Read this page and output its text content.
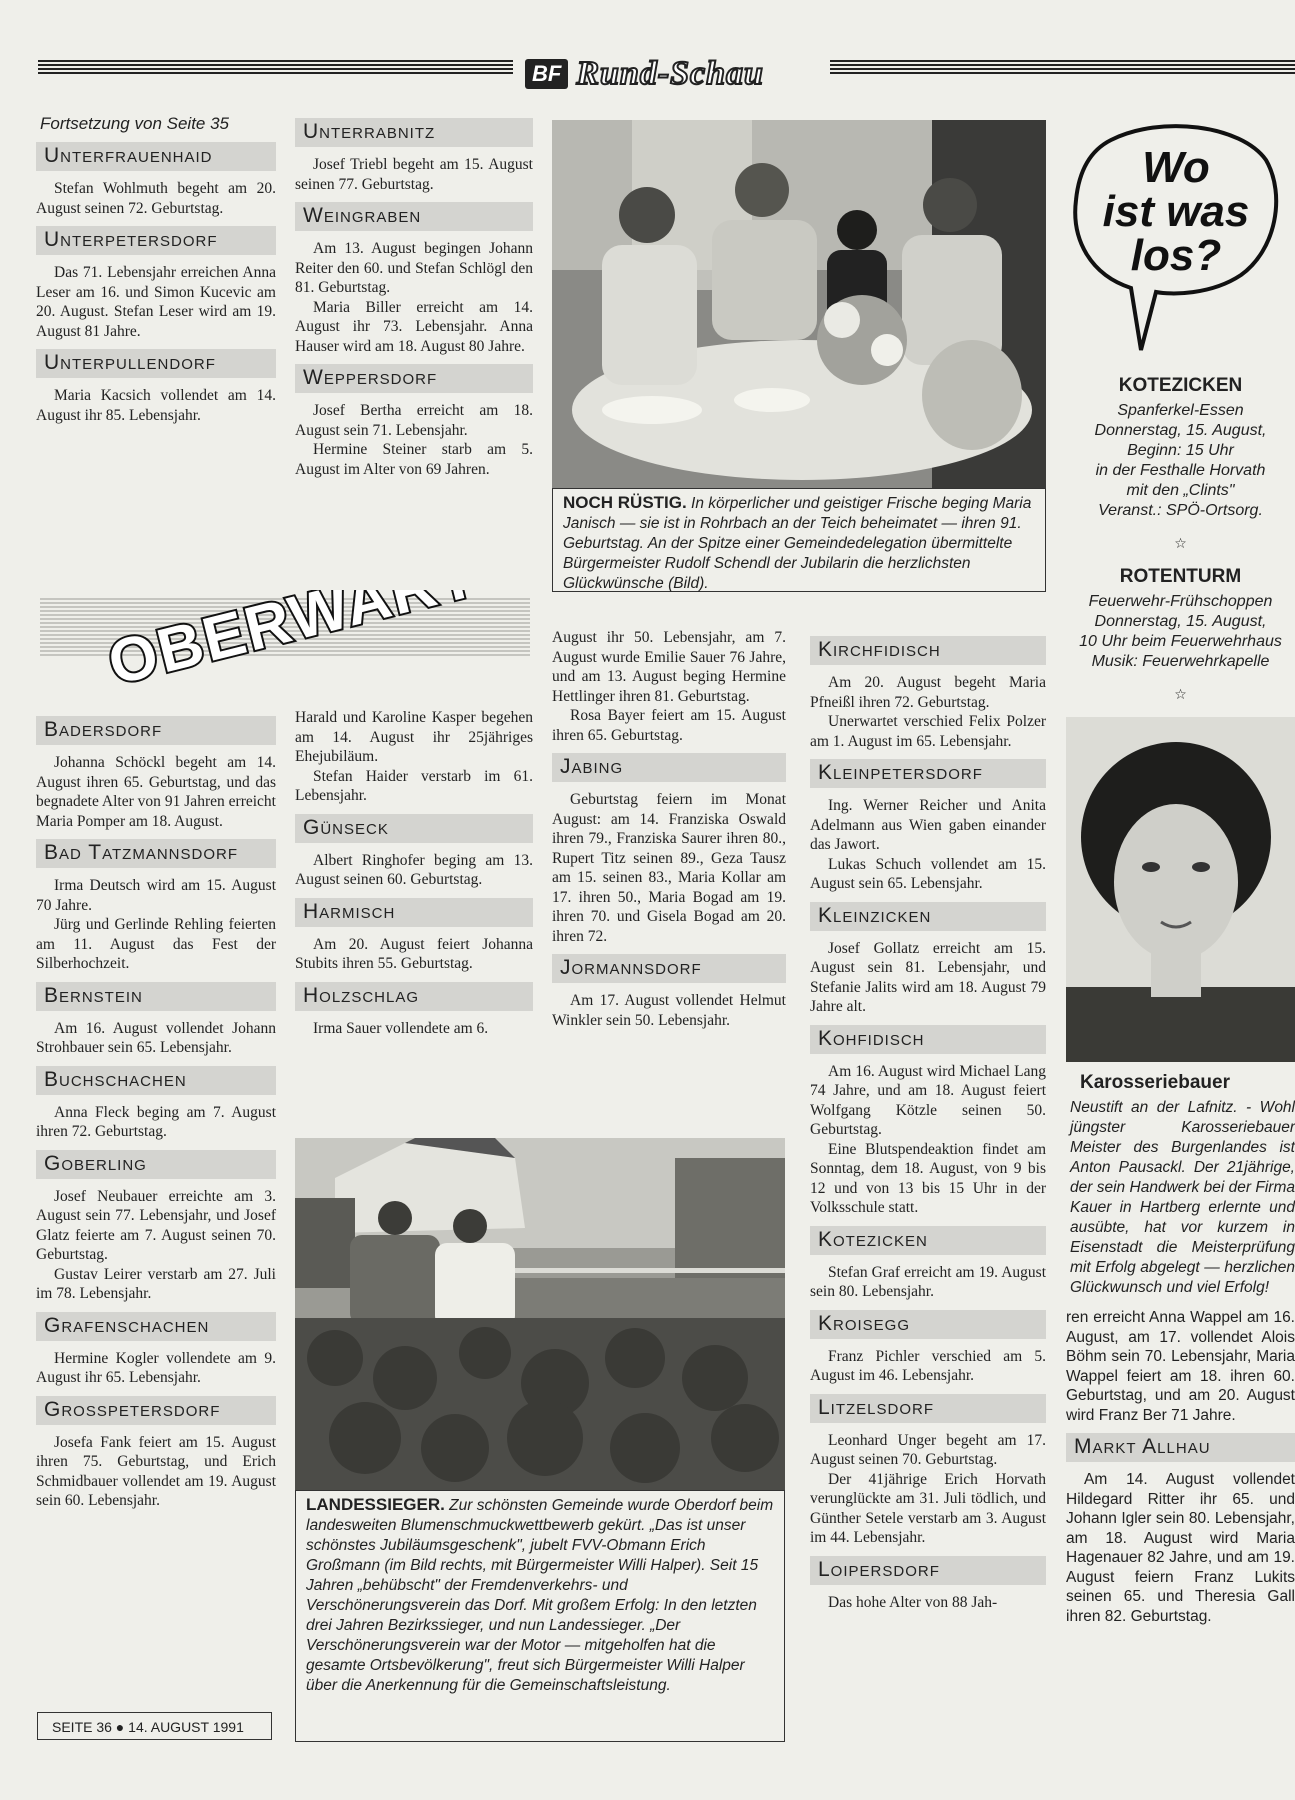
BF Rund-Schau
Fortsetzung von Seite 35
Unterfrauenhaid

Stefan Wohlmuth begeht am 20. August seinen 72. Geburtstag.

Unterpetersdorf

Das 71. Lebensjahr erreichen Anna Leser am 16. und Simon Kucevic am 20. August. Stefan Leser wird am 19. August 81 Jahre.

Unterpullendorf

Maria Kacsich vollendet am 14. August ihr 85. Lebensjahr.

Unterrabnitz

Josef Triebl begeht am 15. August seinen 77. Geburtstag.

Weingraben

Am 13. August begingen Johann Reiter den 60. und Stefan Schlögl den 81. Geburtstag.

Maria Biller erreicht am 14. August ihr 73. Lebensjahr. Anna Hauser wird am 18. August 80 Jahre.

Weppersdorf

Josef Bertha erreicht am 18. August sein 71. Lebensjahr.

Hermine Steiner starb am 5. August im Alter von 69 Jahren.

NOCH RÜSTIG. In körperlicher und geistiger Frische beging Maria Janisch — sie ist in Rohrbach an der Teich beheimatet — ihren 91. Geburtstag. An der Spitze einer Gemeindedelegation übermittelte Bürgermeister Rudolf Schendl der Jubilarin die herzlichsten Glückwünsche (Bild).
OBERWART
Badersdorf

Johanna Schöckl begeht am 14. August ihren 65. Geburtstag, und das begnadete Alter von 91 Jahren erreicht Maria Pomper am 18. August.

Bad Tatzmannsdorf

Irma Deutsch wird am 15. August 70 Jahre.

Jürg und Gerlinde Rehling feierten am 11. August das Fest der Silberhochzeit.

Bernstein

Am 16. August vollendet Johann Strohbauer sein 65. Lebensjahr.

Buchschachen

Anna Fleck beging am 7. August ihren 72. Geburtstag.

Goberling

Josef Neubauer erreichte am 3. August sein 77. Lebensjahr, und Josef Glatz feierte am 7. August seinen 70. Geburtstag.

Gustav Leirer verstarb am 27. Juli im 78. Lebensjahr.

Grafenschachen

Hermine Kogler vollendete am 9. August ihr 65. Lebensjahr.

Grosspetersdorf

Josefa Fank feiert am 15. August ihren 75. Geburtstag, und Erich Schmidbauer vollendet am 19. August sein 60. Lebensjahr.

Harald und Karoline Kasper begehen am 14. August ihr 25jähriges Ehejubiläum.

Stefan Haider verstarb im 61. Lebensjahr.

Günseck

Albert Ringhofer beging am 13. August seinen 60. Geburtstag.

Harmisch

Am 20. August feiert Johanna Stubits ihren 55. Geburtstag.

Holzschlag

Irma Sauer vollendete am 6.

August ihr 50. Lebensjahr, am 7. August wurde Emilie Sauer 76 Jahre, und am 13. August beging Hermine Hettlinger ihren 81. Geburtstag.

Rosa Bayer feiert am 15. August ihren 65. Geburtstag.

Jabing

Geburtstag feiern im Monat August: am 14. Franziska Oswald ihren 79., Franziska Saurer ihren 80., Rupert Titz seinen 89., Geza Tausz am 15. seinen 83., Maria Kollar am 17. ihren 50., Maria Bogad am 19. ihren 70. und Gisela Bogad am 20. ihren 72.

Jormannsdorf

Am 17. August vollendet Helmut Winkler sein 50. Lebensjahr.

Kirchfidisch

Am 20. August begeht Maria Pfneißl ihren 72. Geburtstag.

Unerwartet verschied Felix Polzer am 1. August im 65. Lebensjahr.

Kleinpetersdorf

Ing. Werner Reicher und Anita Adelmann aus Wien gaben einander das Jawort.

Lukas Schuch vollendet am 15. August sein 65. Lebensjahr.

Kleinzicken

Josef Gollatz erreicht am 15. August sein 81. Lebensjahr, und Stefanie Jalits wird am 18. August 79 Jahre alt.

Kohfidisch

Am 16. August wird Michael Lang 74 Jahre, und am 18. August feiert Wolfgang Kötzle seinen 50. Geburtstag.

Eine Blutspendeaktion findet am Sonntag, dem 18. August, von 9 bis 12 und von 13 bis 15 Uhr in der Volksschule statt.

Kotezicken

Stefan Graf erreicht am 19. August sein 80. Lebensjahr.

Kroisegg

Franz Pichler verschied am 5. August im 46. Lebensjahr.

Litzelsdorf

Leonhard Unger begeht am 17. August seinen 70. Geburtstag.

Der 41jährige Erich Horvath verunglückte am 31. Juli tödlich, und Günther Setele verstarb am 3. August im 44. Lebensjahr.

Loipersdorf

Das hohe Alter von 88 Jah-

LANDESSIEGER. Zur schönsten Gemeinde wurde Oberdorf beim landesweiten Blumenschmuckwettbewerb gekürt. „Das ist unser schönstes Jubiläumsgeschenk", jubelt FVV-Obmann Erich Großmann (im Bild rechts, mit Bürgermeister Willi Halper). Seit 15 Jahren „behübscht" der Fremdenverkehrs- und Verschönerungsverein das Dorf. Mit großem Erfolg: In den letzten drei Jahren Bezirkssieger, und nun Landessieger. „Der Verschönerungsverein war der Motor — mitgeholfen hat die gesamte Ortsbevölkerung", freut sich Bürgermeister Willi Halper über die Anerkennung für die Gemeinschaftsleistung.
Wo ist was los?
KOTEZICKEN
Spanferkel-Essen
Donnerstag, 15. August,
Beginn: 15 Uhr
in der Festhalle Horvath
mit den „Clints"
Veranst.: SPÖ-Ortsorg.
☆
ROTENTURM
Feuerwehr-Frühschoppen
Donnerstag, 15. August,
10 Uhr beim Feuerwehrhaus
Musik: Feuerwehrkapelle
☆
Karosseriebauer

Neustift an der Lafnitz. - Wohl jüngster Karosseriebauer Meister des Burgenlandes ist Anton Pausackl. Der 21jährige, der sein Handwerk bei der Firma Kauer in Hartberg erlernte und ausübte, hat vor kurzem in Eisenstadt die Meisterprüfung mit Erfolg abgelegt — herzlichen Glückwunsch und viel Erfolg!

ren erreicht Anna Wappel am 16. August, am 17. vollendet Alois Böhm sein 70. Lebensjahr, Maria Wappel feiert am 18. ihren 60. Geburtstag, und am 20. August wird Franz Ber 71 Jahre.

Markt Allhau

Am 14. August vollendet Hildegard Ritter ihr 65. und Johann Igler sein 80. Lebensjahr, am 18. August wird Maria Hagenauer 82 Jahre, und am 19. August feiern Franz Lukits seinen 65. und Theresia Gall ihren 82. Geburtstag.

SEITE 36 ● 14. AUGUST 1991
